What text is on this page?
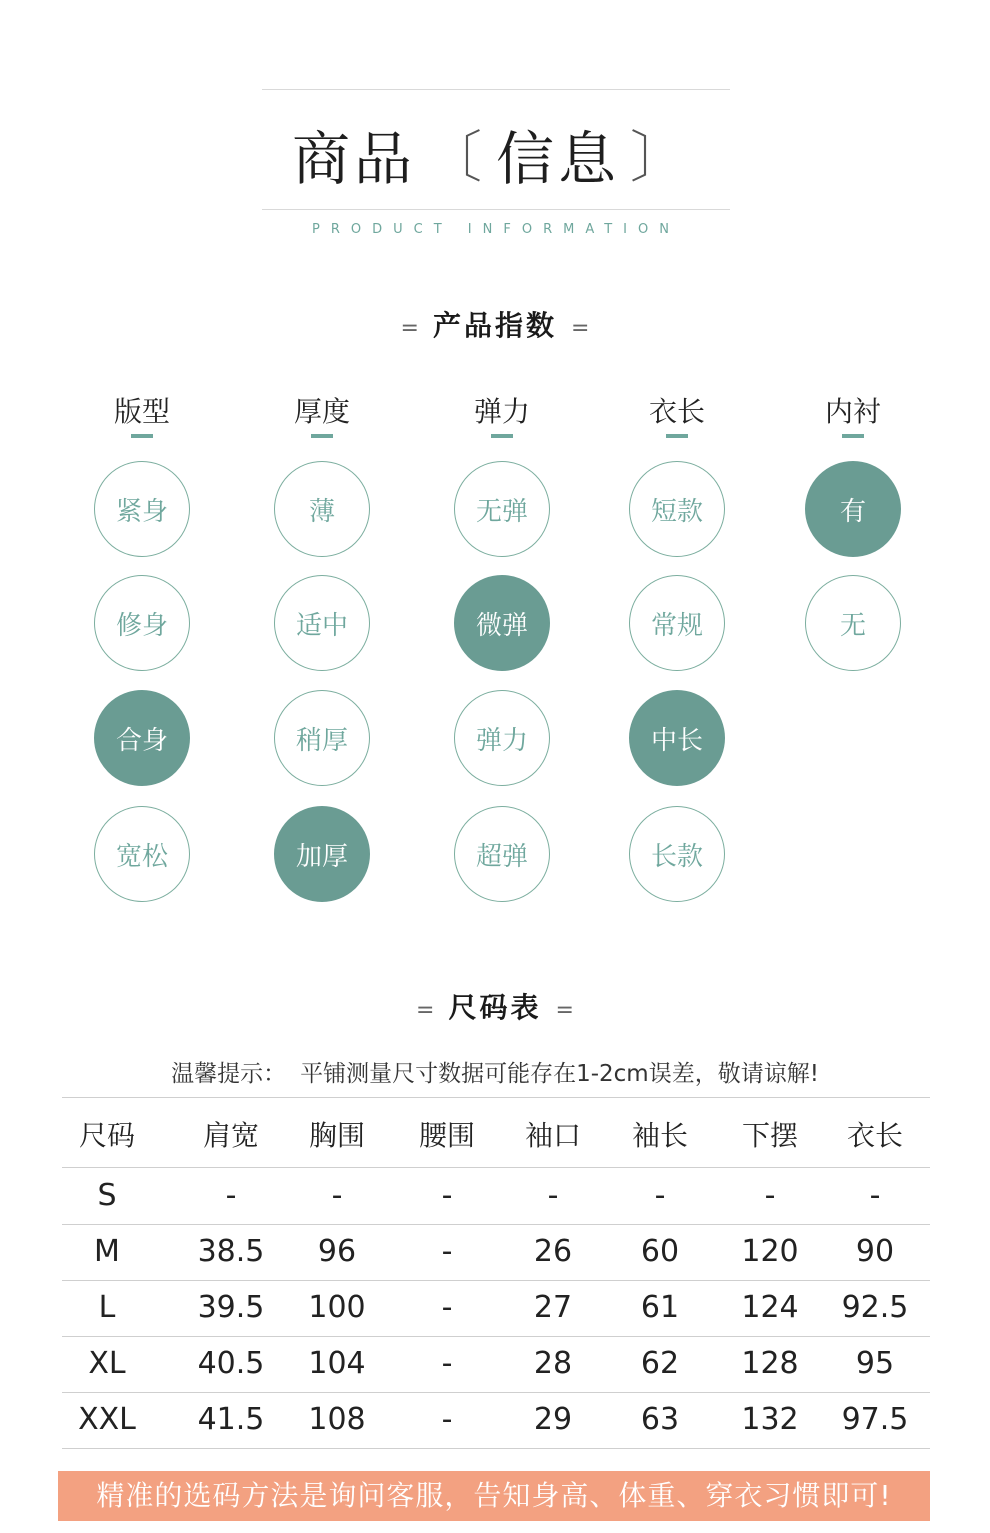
商品 〔 信息 〕
PRODUCT INFORMATION
= 产品指数 =
版型
紧身
修身
合身
宽松
厚度
薄
适中
稍厚
加厚
弹力
无弹
微弹
弹力
超弹
衣长
短款
常规
中长
长款
内衬
有
无
= 尺码表 =
温馨提示： 平铺测量尺寸数据可能存在1-2cm误差，敬请谅解!
尺码	肩宽	胸围	腰围	袖口	袖长	下摆	衣长
S	-	-	-	-	-	-	-
M	38.5	96	-	26	60	120	90
L	39.5	100	-	27	61	124	92.5
XL	40.5	104	-	28	62	128	95
XXL	41.5	108	-	29	63	132	97.5
精准的选码方法是询问客服，告知身高、体重、穿衣习惯即可!
